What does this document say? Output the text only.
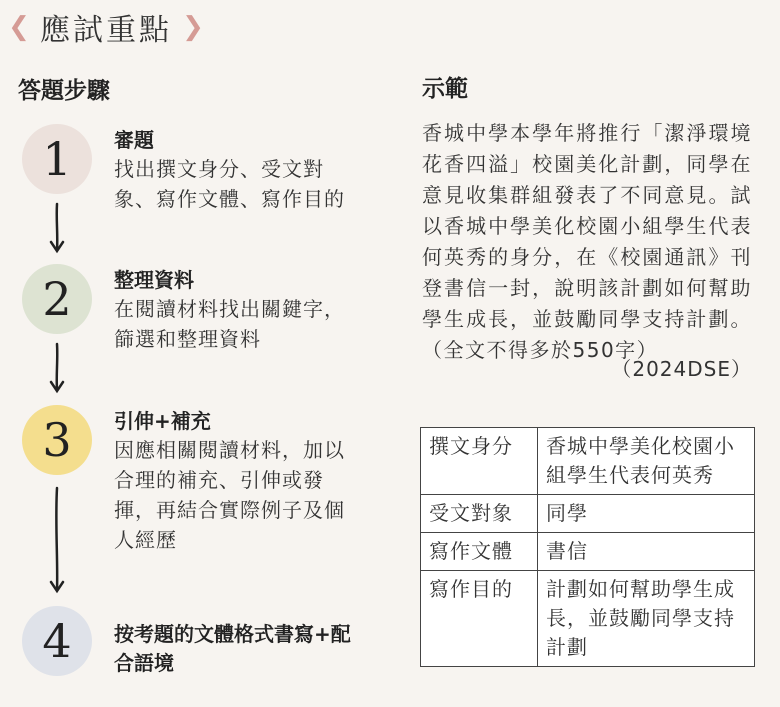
❮ 應試重點 ❯
答題步驟	示範
1	審題
找出撰文身分、受文對象、寫作文體、寫作目的
2	整理資料
在閱讀材料找出關鍵字，篩選和整理資料
3	引伸+補充
因應相關閱讀材料，加以合理的補充、引伸或發揮，再結合實際例子及個人經歷
4	按考題的文體格式書寫+配合語境
香城中學本學年將推行「潔淨環境 花香四溢」校園美化計劃，同學在意見收集群組發表了不同意見。試以香城中學美化校園小組學生代表何英秀的身分，在《校園通訊》刊登書信一封，說明該計劃如何幫助學生成長，並鼓勵同學支持計劃。（全文不得多於550字）
（2024DSE）
撰文身分	香城中學美化校園小組學生代表何英秀
受文對象	同學
寫作文體	書信
寫作目的	計劃如何幫助學生成長，並鼓勵同學支持計劃
